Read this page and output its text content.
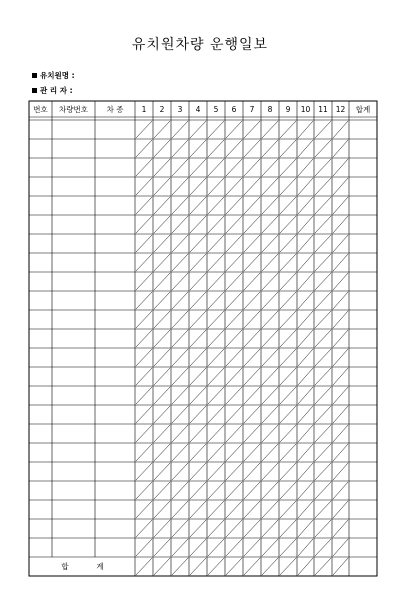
유치원차량 운행일보
유치원명 :
관 리 자 :
번호 차량번호 차 종 1 2 3 4 5 6 7 8 9 10 11 12 합계
합	계
